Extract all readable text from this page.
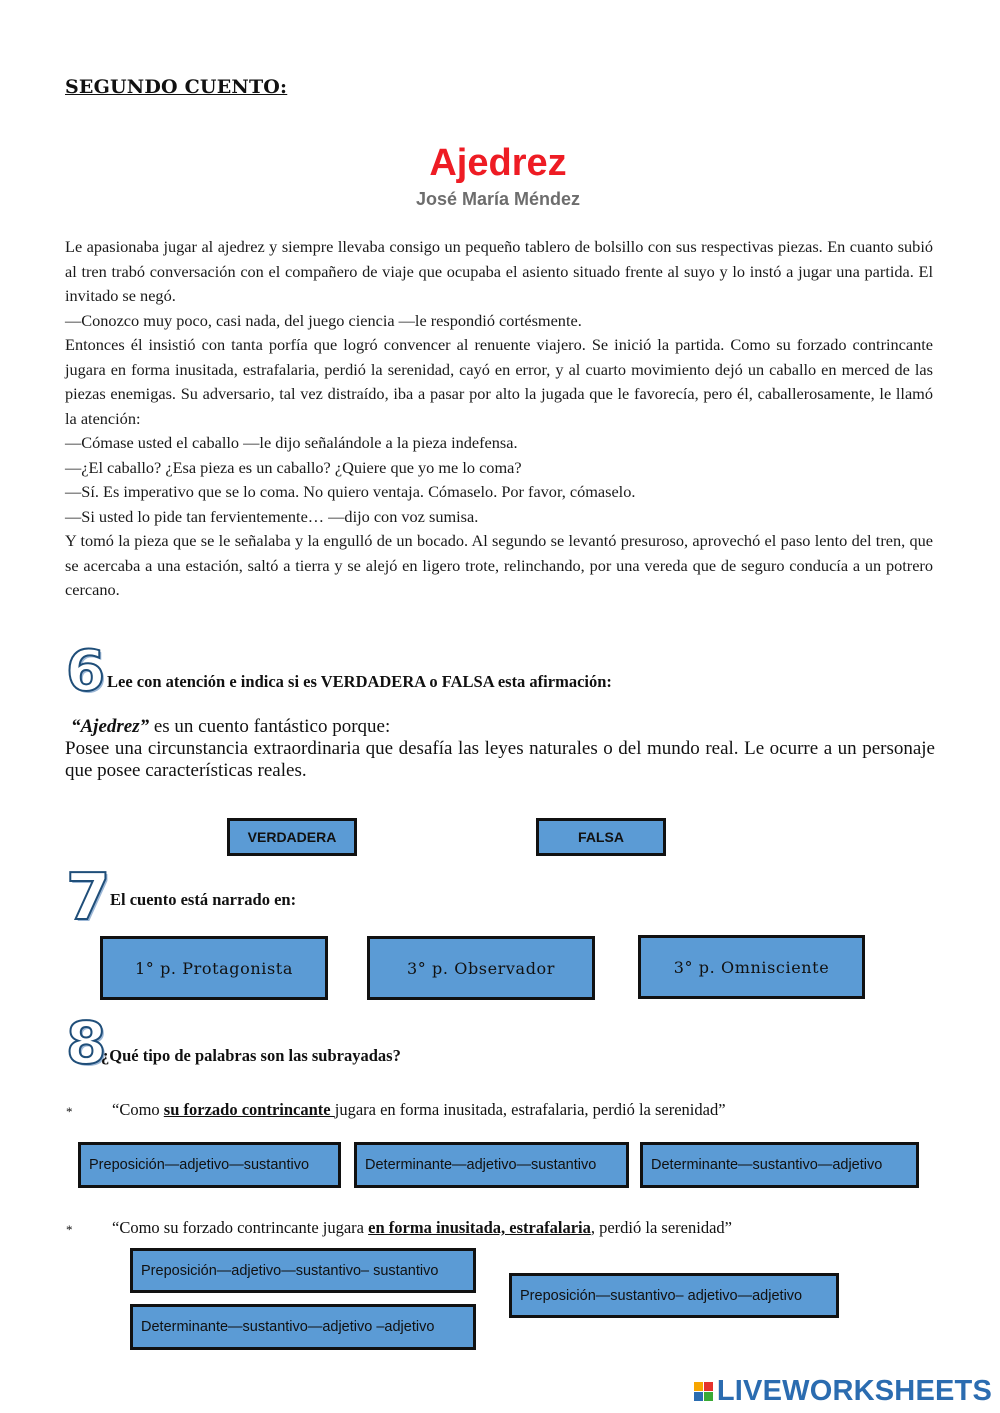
SEGUNDO CUENTO:
Ajedrez
José María Méndez

Le apasionaba jugar al ajedrez y siempre llevaba consigo un pequeño tablero de bolsillo con sus respectivas piezas. En cuanto subió al tren trabó conversación con el compañero de viaje que ocupaba el asiento situado frente al suyo y lo instó a jugar una partida. El invitado se negó.

—Conozco muy poco, casi nada, del juego ciencia —le respondió cortésmente.

Entonces él insistió con tanta porfía que logró convencer al renuente viajero. Se inició la partida. Como su forzado contrincante jugara en forma inusitada, estrafalaria, perdió la serenidad, cayó en error, y al cuarto movimiento dejó un caballo en merced de las piezas enemigas. Su adversario, tal vez distraído, iba a pasar por alto la jugada que le favorecía, pero él, caballerosamente, le llamó la atención:

—Cómase usted el caballo —le dijo señalándole a la pieza indefensa.

—¿El caballo? ¿Esa pieza es un caballo? ¿Quiere que yo me lo coma?

—Sí. Es imperativo que se lo coma. No quiero ventaja. Cómaselo. Por favor, cómaselo.

—Si usted lo pide tan fervientemente… —dijo con voz sumisa.

Y tomó la pieza que se le señalaba y la engulló de un bocado. Al segundo se levantó presuroso, aprovechó el paso lento del tren, que se acercaba a una estación, saltó a tierra y se alejó en ligero trote, relinchando, por una vereda que de seguro conducía a un potrero cercano.

6 Lee con atención e indica si es VERDADERA o FALSA esta afirmación:
“Ajedrez” es un cuento fantástico porque:
Posee una circunstancia extraordinaria que desafía las leyes naturales o del mundo real. Le ocurre a un personaje que posee características reales.
VERDADERA	FALSA
7 El cuento está narrado en:
1° p. Protagonista	3° p. Observador	3° p. Omnisciente
8
¿Qué tipo de palabras son las subrayadas?
* “Como su forzado contrincante jugara en forma inusitada, estrafalaria, perdió la serenidad”
Preposición—adjetivo—sustantivo	Determinante—adjetivo—sustantivo	Determinante—sustantivo—adjetivo
* “Como su forzado contrincante jugara en forma inusitada, estrafalaria, perdió la serenidad”
Preposición—adjetivo—sustantivo– sustantivo
Determinante—sustantivo—adjetivo –adjetivo
Preposición—sustantivo– adjetivo—adjetivo
LIVEWORKSHEETS
